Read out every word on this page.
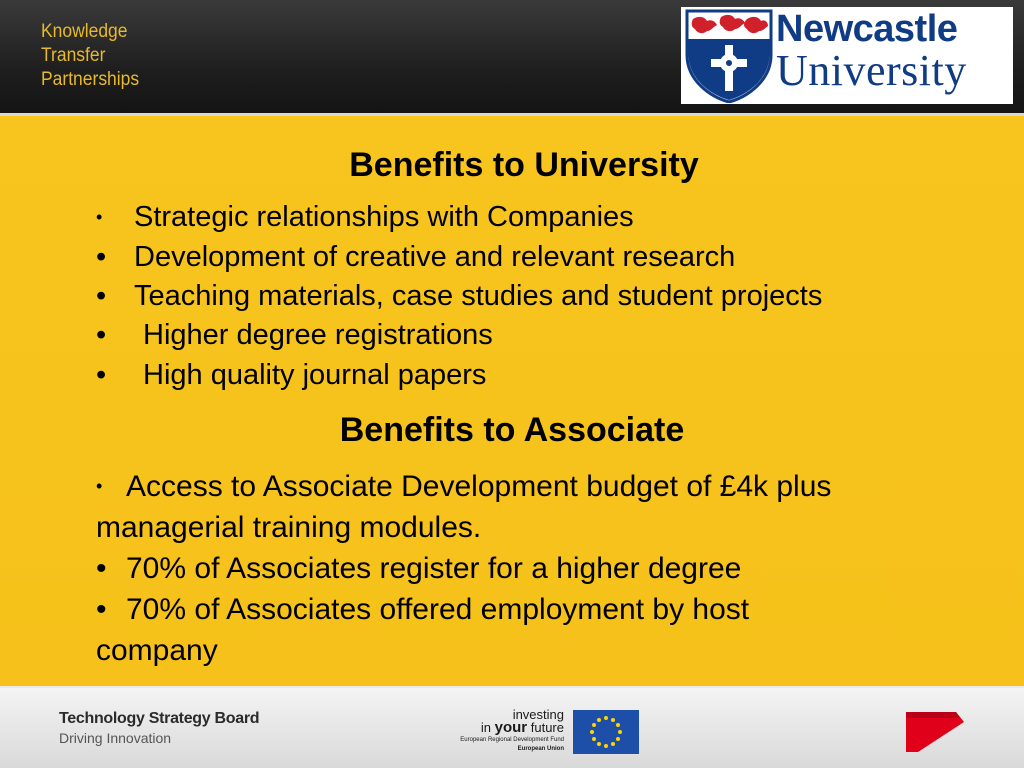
Knowledge
Transfer
Partnerships
Newcastle
University
Benefits to University
• Strategic relationships with Companies
• Development of creative and relevant research
• Teaching materials, case studies and student projects
• Higher degree registrations
• High quality journal papers
Benefits to Associate
• Access to Associate Development budget of £4k plus managerial training modules.
• 70% of Associates register for a higher degree
• 70% of Associates offered employment by host company
Technology Strategy Board
Driving Innovation
investing
in your future
European Regional Development Fund
European Union
